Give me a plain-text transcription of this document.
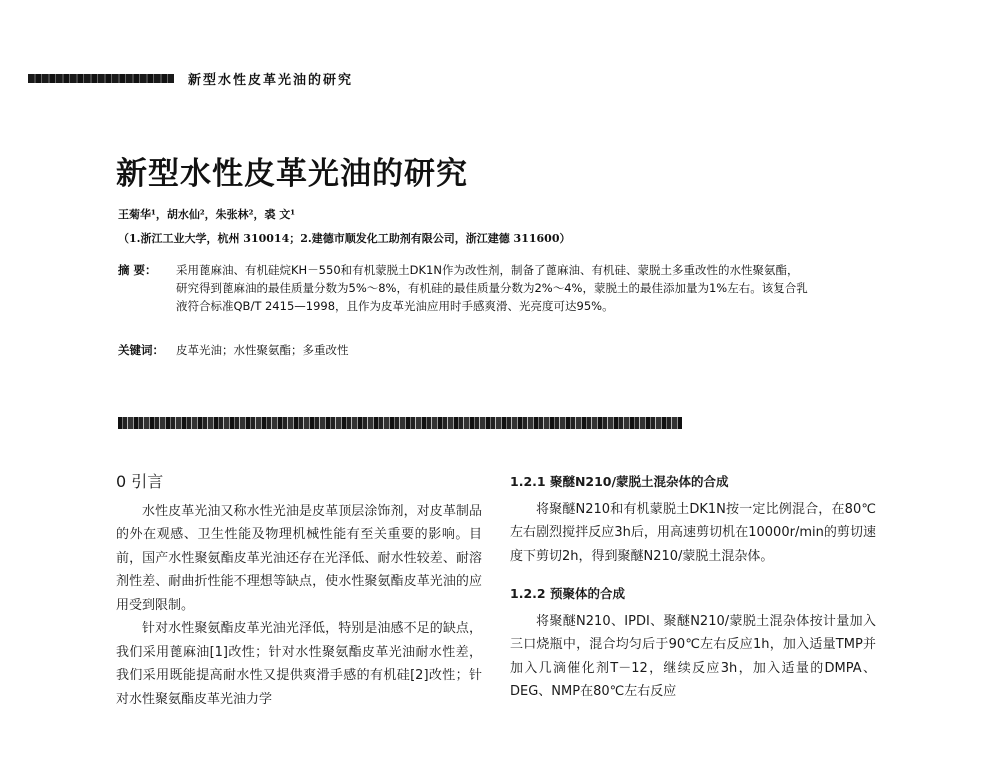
新型水性皮革光油的研究
新型水性皮革光油的研究
王菊华¹，胡水仙²，朱张林²，裘 文¹
（1.浙江工业大学，杭州 310014；2.建德市顺发化工助剂有限公司，浙江建德 311600）
摘 要：	采用蓖麻油、有机硅烷KH－550和有机蒙脱土DK1N作为改性剂，制备了蓖麻油、有机硅、蒙脱土多重改性的水性聚氨酯，研究得到蓖麻油的最佳质量分数为5%～8%，有机硅的最佳质量分数为2%～4%，蒙脱土的最佳添加量为1%左右。该复合乳液符合标准QB/T 2415—1998，且作为皮革光油应用时手感爽滑、光亮度可达95%。
关键词：	皮革光油；水性聚氨酯；多重改性
0 引言

水性皮革光油又称水性光油是皮革顶层涂饰剂，对皮革制品的外在观感、卫生性能及物理机械性能有至关重要的影响。目前，国产水性聚氨酯皮革光油还存在光泽低、耐水性较差、耐溶剂性差、耐曲折性能不理想等缺点，使水性聚氨酯皮革光油的应用受到限制。

针对水性聚氨酯皮革光油光泽低，特别是油感不足的缺点，我们采用蓖麻油[1]改性；针对水性聚氨酯皮革光油耐水性差，我们采用既能提高耐水性又提供爽滑手感的有机硅[2]改性；针对水性聚氨酯皮革光油力学

1.2.1 聚醚N210/蒙脱土混杂体的合成

将聚醚N210和有机蒙脱土DK1N按一定比例混合，在80℃左右剧烈搅拌反应3h后，用高速剪切机在10000r/min的剪切速度下剪切2h，得到聚醚N210/蒙脱土混杂体。

1.2.2 预聚体的合成

将聚醚N210、IPDI、聚醚N210/蒙脱土混杂体按计量加入三口烧瓶中，混合均匀后于90℃左右反应1h，加入适量TMP并加入几滴催化剂T－12，继续反应3h，加入适量的DMPA、DEG、NMP在80℃左右反应
